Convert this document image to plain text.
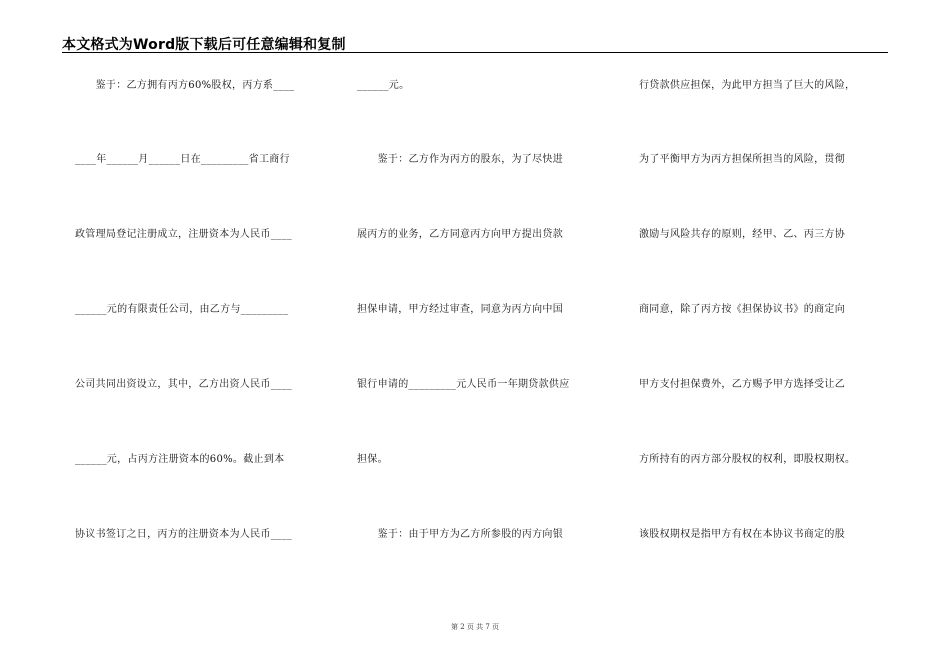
本文格式为Word版下载后可任意编辑和复制
　　鉴于：乙方拥有丙方60%股权，丙方系____
____年______月______日在_________省工商行
政管理局登记注册成立，注册资本为人民币____
______元的有限责任公司，由乙方与_________
公司共同出资设立，其中，乙方出资人民币____
______元，占丙方注册资本的60%。截止到本
协议书签订之日，丙方的注册资本为人民币____
______元。
　　鉴于：乙方作为丙方的股东，为了尽快进
展丙方的业务，乙方同意丙方向甲方提出贷款
担保申请，甲方经过审查，同意为丙方向中国
银行申请的_________元人民币一年期贷款供应
担保。
　　鉴于：由于甲方为乙方所参股的丙方向银
行贷款供应担保，为此甲方担当了巨大的风险，
为了平衡甲方为丙方担保所担当的风险，贯彻
激励与风险共存的原则，经甲、乙、丙三方协
商同意，除了丙方按《担保协议书》的商定向
甲方支付担保费外，乙方赐予甲方选择受让乙
方所持有的丙方部分股权的权利，即股权期权。
该股权期权是指甲方有权在本协议书商定的股
第 2 页 共 7 页
